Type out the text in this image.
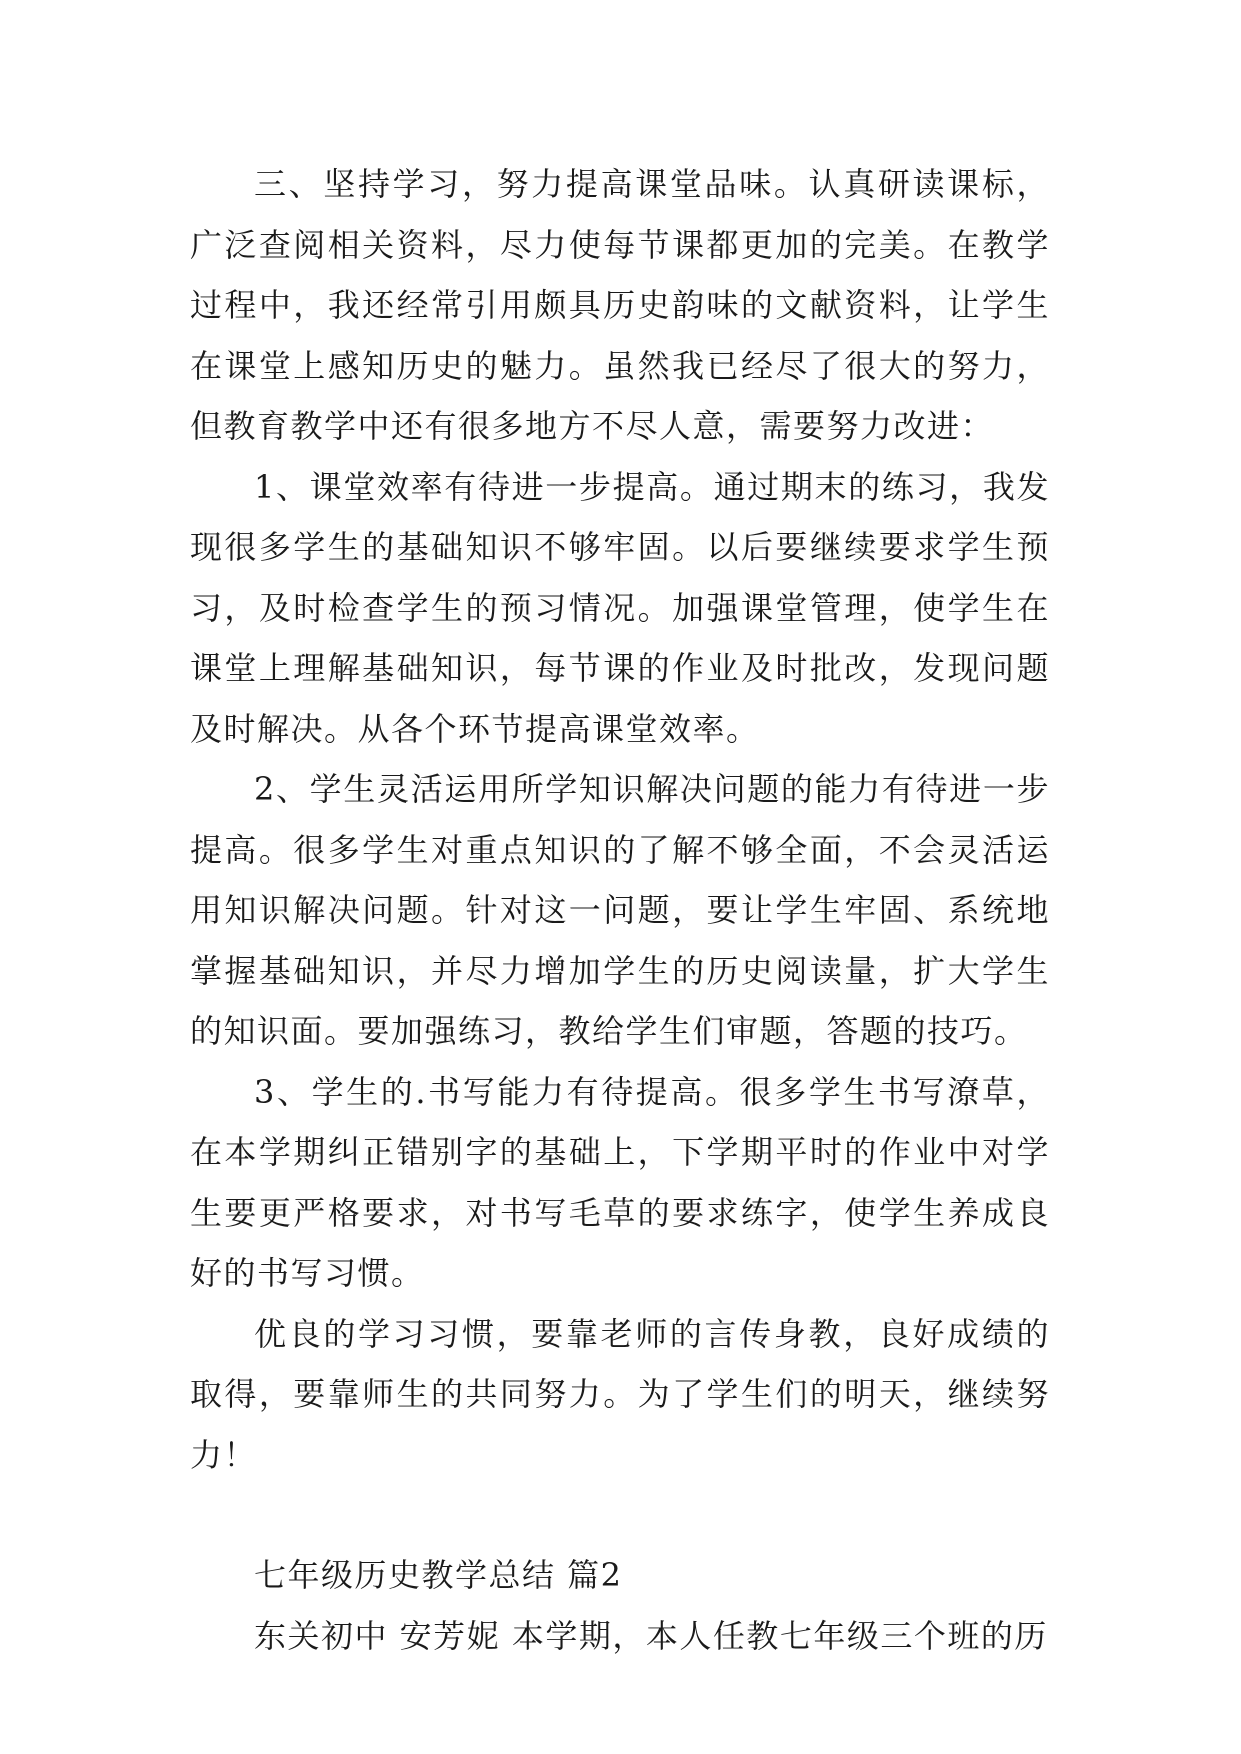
三、坚持学习，努力提高课堂品味。认真研读课标，广泛查阅相关资料，尽力使每节课都更加的完美。在教学过程中，我还经常引用颇具历史韵味的文献资料，让学生在课堂上感知历史的魅力。虽然我已经尽了很大的努力，但教育教学中还有很多地方不尽人意，需要努力改进：

1、课堂效率有待进一步提高。通过期末的练习，我发现很多学生的基础知识不够牢固。以后要继续要求学生预习，及时检查学生的预习情况。加强课堂管理，使学生在课堂上理解基础知识，每节课的作业及时批改，发现问题及时解决。从各个环节提高课堂效率。

2、学生灵活运用所学知识解决问题的能力有待进一步提高。很多学生对重点知识的了解不够全面，不会灵活运用知识解决问题。针对这一问题，要让学生牢固、系统地掌握基础知识，并尽力增加学生的历史阅读量，扩大学生的知识面。要加强练习，教给学生们审题，答题的技巧。

3、学生的.书写能力有待提高。很多学生书写潦草，在本学期纠正错别字的基础上，下学期平时的作业中对学生要更严格要求，对书写毛草的要求练字，使学生养成良好的书写习惯。

优良的学习习惯，要靠老师的言传身教，良好成绩的取得，要靠师生的共同努力。为了学生们的明天，继续努力！

七年级历史教学总结 篇2

东关初中 安芳妮 本学期，本人任教七年级三个班的历
